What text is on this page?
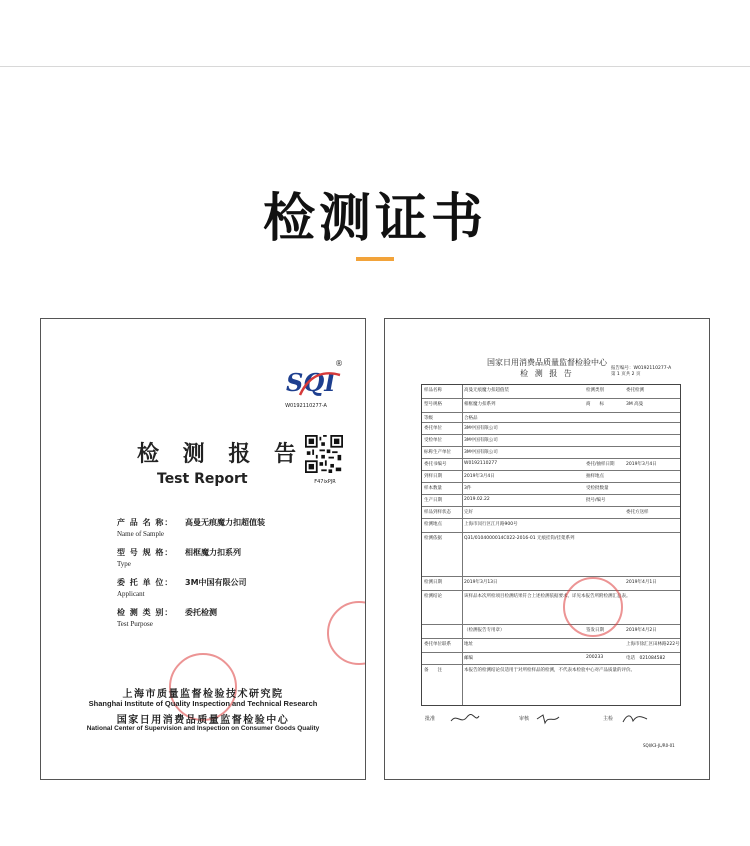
检测证书
SQI
®
W0192110277-A
F47ixPJR
检 测 报 告
Test Report
产 品 名 称：
Name of Sample
高曼无痕魔力扣超值装
型 号 规 格：
Type
相框魔力扣系列
委 托 单 位：
Applicant
3M中国有限公司
检 测 类 别：
Test Purpose
委托检测
上海市质量监督检验技术研究院
Shanghai Institute of Quality Inspection and Technical Research
国家日用消费品质量监督检验中心
National Center of Supervision and Inspection on Consumer Goods Quality
国家日用消费品质量监督检验中心
检 测 报 告
报告编号：W0192110277-A
第 1 页共 2 页
样品名称	高曼无痕魔力扣超值装	检测类别	委托检测
型号规格	相框魔力扣系列	商　　标	3M 高曼
等级	合格品
委托单位	3M中国有限公司
受检单位	3M中国有限公司
标称生产单位	3M中国有限公司
委托书编号	W0192110277	委托/抽样日期	2019年3月4日
到样日期	2019年3月4日	抽样地点
样本数量	3件	受检批数量
生产日期	2019.02.22	批号/编号
样品到样状态	完好	委托方送样
检测地点	上海市闵行区江月路900号
检测依据	Q31/0104000014C022-2016-01 无痕挂钩/挂架系列
检测日期	2019年3月13日	2019年4月1日
检测结论	该样品本次所检项目检测结果符合上述检测依据要求。详见本报告所附检测汇总表。
（检测报告专用章）	签发日期	2019年4月2日
委托单位联系	地址	上海市徐汇区田林路222号
邮编	200233	电话　021084582
备　　注	本报告的检测结论仅适用于对所检样品的检测，不代表本检验中心对产品质量的评价。
批准	审核	主检
SQI/K3-JL/R0-01
